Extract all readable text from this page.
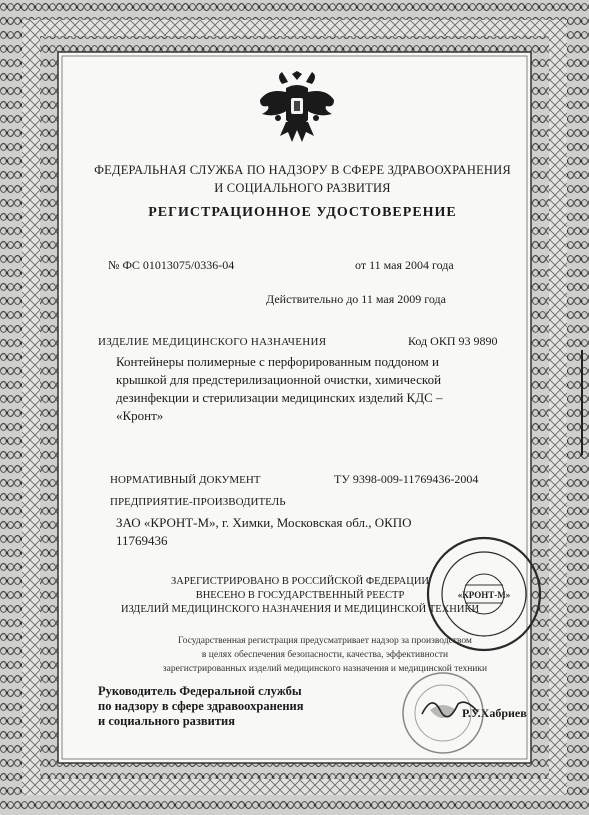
ФЕДЕРАЛЬНАЯ СЛУЖБА ПО НАДЗОРУ В СФЕРЕ ЗДРАВООХРАНЕНИЯ
И СОЦИАЛЬНОГО РАЗВИТИЯ
РЕГИСТРАЦИОННОЕ УДОСТОВЕРЕНИЕ
№ ФС 01013075/0336-04	от 11 мая 2004 года
Действительно до 11 мая 2009 года
ИЗДЕЛИЕ МЕДИЦИНСКОГО НАЗНАЧЕНИЯ	Код ОКП 93 9890
Контейнеры полимерные с перфорированным поддоном и крышкой для предстерилизационной очистки, химической дезинфекции и стерилизации медицинских изделий КДС – «Кронт»
НОРМАТИВНЫЙ ДОКУМЕНТ	ТУ 9398-009-11769436-2004
ПРЕДПРИЯТИЕ-ПРОИЗВОДИТЕЛЬ
ЗАО «КРОНТ-М», г. Химки, Московская обл., ОКПО
11769436
ЗАРЕГИСТРИРОВАНО В РОССИЙСКОЙ ФЕДЕРАЦИИ
ВНЕСЕНО В ГОСУДАРСТВЕННЫЙ РЕЕСТР
ИЗДЕЛИЙ МЕДИЦИНСКОГО НАЗНАЧЕНИЯ И МЕДИЦИНСКОЙ ТЕХНИКИ
Государственная регистрация предусматривает надзор за производством
в целях обеспечения безопасности, качества, эффективности
зарегистрированных изделий медицинского назначения и медицинской техники
Руководитель Федеральной службы
по надзору в сфере здравоохранения
и социального развития
Р.У.Хабриев
«КРОНТ-М»
